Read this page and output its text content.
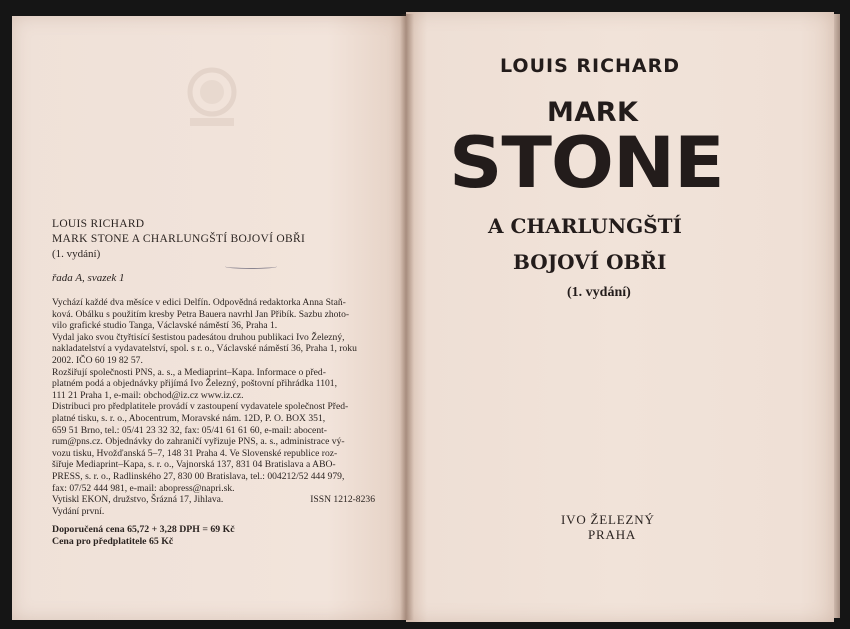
LOUIS RICHARD
MARK STONE A CHARLUNGŠTÍ BOJOVÍ OBŘI
(1. vydání)
řada A, svazek 1
Vychází každé dva měsíce v edici Delfín. Odpovědná redaktorka Anna Staň-
ková. Obálku s použitím kresby Petra Bauera navrhl Jan Přibík. Sazbu zhoto-
vilo grafické studio Tanga, Václavské náměstí 36, Praha 1.
Vydal jako svou čtyřtisící šestistou padesátou druhou publikaci Ivo Železný,
nakladatelství a vydavatelství, spol. s r. o., Václavské náměstí 36, Praha 1, roku
2002. IČO 60 19 82 57.
Rozšiřují společnosti PNS, a. s., a Mediaprint–Kapa. Informace o před-
platném podá a objednávky přijímá Ivo Železný, poštovní přihrádka 1101,
111 21 Praha 1, e-mail: obchod@iz.cz www.iz.cz.
Distribuci pro předplatitele provádí v zastoupení vydavatele společnost Před-
platné tisku, s. r. o., Abocentrum, Moravské nám. 12D, P. O. BOX 351,
659 51 Brno, tel.: 05/41 23 32 32, fax: 05/41 61 61 60, e-mail: abocent-
rum@pns.cz. Objednávky do zahraničí vyřizuje PNS, a. s., administrace vý-
vozu tisku, Hvožďanská 5–7, 148 31 Praha 4. Ve Slovenské republice roz-
šiřuje Mediaprint–Kapa, s. r. o., Vajnorská 137, 831 04 Bratislava a ABO-
PRESS, s. r. o., Radlinského 27, 830 00 Bratislava, tel.: 004212/52 444 979,
fax: 07/52 444 981, e-mail: abopress@napri.sk.
Vytiskl EKON, družstvo, Šrázná 17, Jihlava.	ISSN 1212-8236
Vydání první.
Doporučená cena 65,72 + 3,28 DPH = 69 Kč
Cena pro předplatitele 65 Kč
LOUIS RICHARD
MARK
STONE
A CHARLUNGŠTÍ
BOJOVÍ OBŘI
(1. vydání)
IVO ŽELEZNÝ
PRAHA
